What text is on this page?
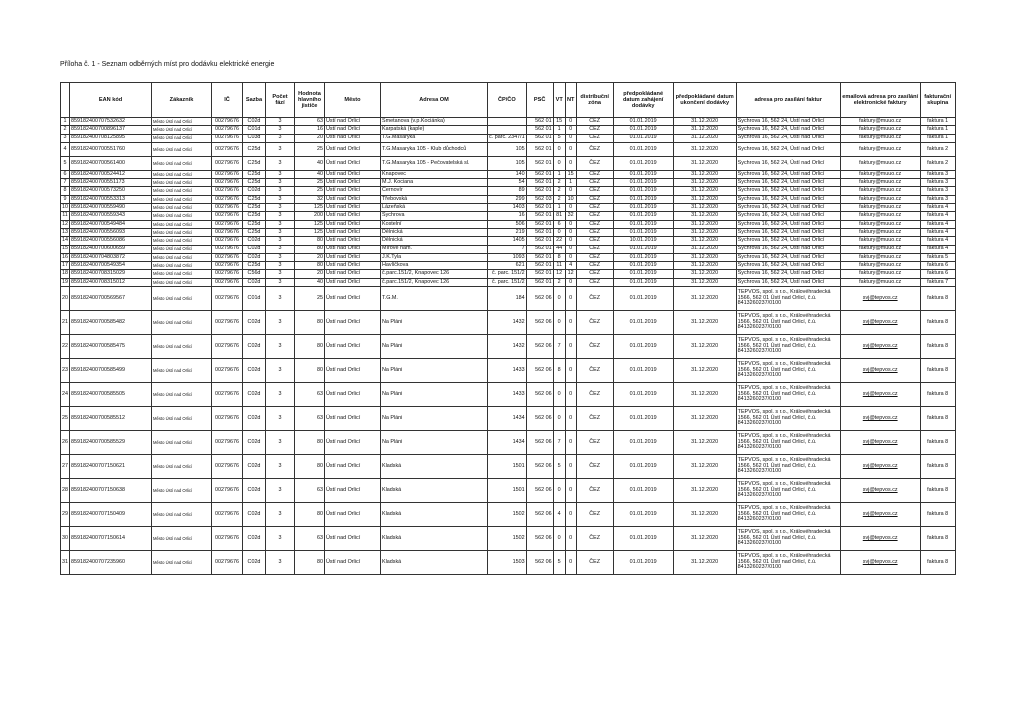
Příloha č. 1 - Seznam odběrných míst pro dodávku elektrické energie
	EAN kód	Zákazník	IČ	Sazba	Počet fází	Hodnota hlavního jističe	Město	Adresa OM	ČP/ČO	PSČ	VT	NT	distribuční zóna	předpokládané datum zahájení dodávky	předpokládané datum ukončení dodávky	adresa pro zasílání faktur	emailová adresa pro zasílání elektronické faktury	fakturační skupina
1	859182400707532632	Město Ústí nad Orlicí	00279676	C02d	3	63	Ústí nad Orlicí	Smetanova (v.p.Kociánka)		562 01	15	0	ČEZ	01.01.2019	31.12.2020	Sychrova 16, 562 24, Ústí nad Orlicí	faktury@muuo.cz	faktura 1
2	859182400700896137	Město Ústí nad Orlicí	00279676	C01d	3	16	Ústí nad Orlicí	Karpatská (kaple)		562 01	1	0	ČEZ	01.01.2019	31.12.2020	Sychrova 16, 562 24, Ústí nad Orlicí	faktury@muuo.cz	faktura 1
3	859182400708125895	Město Ústí nad Orlicí	00279676	C03d	3	20	Ústí nad Orlicí	T.G.Masaryka	č. parc. 2347/1	562 01	5	0	ČEZ	01.01.2019	31.12.2020	Sychrova 16, 562 24, Ústí nad Orlicí	faktury@muuo.cz	faktura 1
4	859182400700551760	Město Ústí nad Orlicí	00279676	C25d	3	25	Ústí nad Orlicí	T.G.Masaryka 105 - Klub důchodců	105	562 01	0	0	ČEZ	01.01.2019	31.12.2020	Sychrova 16, 562 24, Ústí nad Orlicí	faktury@muuo.cz	faktura 2
5	859182400700561400	Město Ústí nad Orlicí	00279676	C25d	3	40	Ústí nad Orlicí	T.G.Masaryka 105 - Pečovatelská sl.	105	562 01	0	0	ČEZ	01.01.2019	31.12.2020	Sychrova 16, 562 24, Ústí nad Orlicí	faktury@muuo.cz	faktura 2
6	859182400700524412	Město Ústí nad Orlicí	00279676	C25d	3	40	Ústí nad Orlicí	Knapovec	140	562 01	1	15	ČEZ	01.01.2019	31.12.2020	Sychrova 16, 562 24, Ústí nad Orlicí	faktury@muuo.cz	faktura 3
7	859182400700551173	Město Ústí nad Orlicí	00279676	C25d	3	25	Ústí nad Orlicí	M.J. Kociana	54	562 01	2	1	ČEZ	01.01.2019	31.12.2020	Sychrova 16, 562 24, Ústí nad Orlicí	faktury@muuo.cz	faktura 3
8	859182400700573250	Město Ústí nad Orlicí	00279676	C02d	3	25	Ústí nad Orlicí	Černovír	89	562 01	2	0	ČEZ	01.01.2019	31.12.2020	Sychrova 16, 562 24, Ústí nad Orlicí	faktury@muuo.cz	faktura 3
9	859182400700553313	Město Ústí nad Orlicí	00279676	C25d	3	32	Ústí nad Orlicí	Třebovská	299	562 03	2	10	ČEZ	01.01.2019	31.12.2020	Sychrova 16, 562 24, Ústí nad Orlicí	faktury@muuo.cz	faktura 3
10	859182400700559490	Město Ústí nad Orlicí	00279676	C25d	3	125	Ústí nad Orlicí	Lázeňská	1403	562 01	1	0	ČEZ	01.01.2019	31.12.2020	Sychrova 16, 562 24, Ústí nad Orlicí	faktury@muuo.cz	faktura 4
11	859182400700559343	Město Ústí nad Orlicí	00279676	C25d	3	200	Ústí nad Orlicí	Sychrova	16	562 01	81	32	ČEZ	01.01.2019	31.12.2020	Sychrova 16, 562 24, Ústí nad Orlicí	faktury@muuo.cz	faktura 4
12	859182400700549484	Město Ústí nad Orlicí	00279676	C25d	3	125	Ústí nad Orlicí	Kostelní	506	562 01	6	0	ČEZ	01.01.2019	31.12.2020	Sychrova 16, 562 24, Ústí nad Orlicí	faktury@muuo.cz	faktura 4
13	859182400700556093	Město Ústí nad Orlicí	00279676	C25d	3	125	Ústí nad Orlicí	Dělnická	219	562 01	0	0	ČEZ	01.01.2019	31.12.2020	Sychrova 16, 562 24, Ústí nad Orlicí	faktury@muuo.cz	faktura 4
14	859182400700556086	Město Ústí nad Orlicí	00279676	C02d	3	80	Ústí nad Orlicí	Dělnická	1405	562 01	22	0	ČEZ	10.01.2019	31.12.2020	Sychrova 16, 562 24, Ústí nad Orlicí	faktury@muuo.cz	faktura 4
15	859182400700600659	Město Ústí nad Orlicí	00279676	C02d	3	80	Ústí nad Orlicí	Mírové nám.	7	562 01	44	0	ČEZ	01.01.2019	31.12.2020	Sychrova 16, 562 24, Ústí nad Orlicí	faktury@muuo.cz	faktura 4
16	859182400704803872	Město Ústí nad Orlicí	00279676	C02d	3	20	Ústí nad Orlicí	J.K.Tyla	1093	562 01	8	0	ČEZ	01.01.2019	31.12.2020	Sychrova 16, 562 24, Ústí nad Orlicí	faktury@muuo.cz	faktura 5
17	859182400700549354	Město Ústí nad Orlicí	00279676	C25d	3	80	Ústí nad Orlicí	Havlíčkova	621	562 01	11	4	ČEZ	01.01.2019	31.12.2020	Sychrova 16, 562 24, Ústí nad Orlicí	faktury@muuo.cz	faktura 6
18	859182400708315029	Město Ústí nad Orlicí	00279676	C56d	3	20	Ústí nad Orlicí	č.parc.151/2, Knapovec 126	č. parc. 151/2	562 01	12	12	ČEZ	01.01.2019	31.12.2020	Sychrova 16, 562 24, Ústí nad Orlicí	faktury@muuo.cz	faktura 6
19	859182400708315012	Město Ústí nad Orlicí	00279676	C02d	3	40	Ústí nad Orlicí	č.parc.151/2, Knapovec 126	č. parc. 151/2	562 01	2	0	ČEZ	01.01.2019	31.12.2020	Sychrova 16, 562 24, Ústí nad Orlicí	faktury@muuo.cz	faktura 7
20	859182400700569567	Město Ústí nad Orlicí	00279676	C01d	3	25	Ústí nad Orlicí	T.G.M.	184	562 06	0	0	ČEZ	01.01.2019	31.12.2020	TEPVOS, spol. s r.o., Královéhradecká 1566, 562 01 Ústí nad Orlicí, č.ú. 8413260237/0100	svj@tepvos.cz	faktura 8
21	859182400700585482	Město Ústí nad Orlicí	00279676	C02d	3	80	Ústí nad Orlicí	Na Pláni	1432	562 06	0	0	ČEZ	01.01.2019	31.12.2020	TEPVOS, spol. s r.o., Královéhradecká 1566, 562 01 Ústí nad Orlicí, č.ú. 8413260237/0100	svj@tepvos.cz	faktura 8
22	859182400700585475	Město Ústí nad Orlicí	00279676	C02d	3	80	Ústí nad Orlicí	Na Pláni	1432	562 06	7	0	ČEZ	01.01.2019	31.12.2020	TEPVOS, spol. s r.o., Královéhradecká 1566, 562 01 Ústí nad Orlicí, č.ú. 8413260237/0100	svj@tepvos.cz	faktura 8
23	859182400700585499	Město Ústí nad Orlicí	00279676	C02d	3	80	Ústí nad Orlicí	Na Pláni	1433	562 06	8	0	ČEZ	01.01.2019	31.12.2020	TEPVOS, spol. s r.o., Královéhradecká 1566, 562 01 Ústí nad Orlicí, č.ú. 8413260237/0100	svj@tepvos.cz	faktura 8
24	859182400700585505	Město Ústí nad Orlicí	00279676	C02d	3	63	Ústí nad Orlicí	Na Pláni	1433	562 06	0	0	ČEZ	01.01.2019	31.12.2020	TEPVOS, spol. s r.o., Královéhradecká 1566, 562 01 Ústí nad Orlicí, č.ú. 8413260237/0100	svj@tepvos.cz	faktura 8
25	859182400700585512	Město Ústí nad Orlicí	00279676	C02d	3	63	Ústí nad Orlicí	Na Pláni	1434	562 06	0	0	ČEZ	01.01.2019	31.12.2020	TEPVOS, spol. s r.o., Královéhradecká 1566, 562 01 Ústí nad Orlicí, č.ú. 8413260237/0100	svj@tepvos.cz	faktura 8
26	859182400700585529	Město Ústí nad Orlicí	00279676	C02d	3	80	Ústí nad Orlicí	Na Pláni	1434	562 06	7	0	ČEZ	01.01.2019	31.12.2020	TEPVOS, spol. s r.o., Královéhradecká 1566, 562 01 Ústí nad Orlicí, č.ú. 8413260237/0100	svj@tepvos.cz	faktura 8
27	859182400707150621	Město Ústí nad Orlicí	00279676	C02d	3	80	Ústí nad Orlicí	Kladská	1501	562 06	5	0	ČEZ	01.01.2019	31.12.2020	TEPVOS, spol. s r.o., Královéhradecká 1566, 562 01 Ústí nad Orlicí, č.ú. 8413260237/0100	svj@tepvos.cz	faktura 8
28	859182400707150638	Město Ústí nad Orlicí	00279676	C02d	3	63	Ústí nad Orlicí	Kladská	1501	562 06	0	0	ČEZ	01.01.2019	31.12.2020	TEPVOS, spol. s r.o., Královéhradecká 1566, 562 01 Ústí nad Orlicí, č.ú. 8413260237/0100	svj@tepvos.cz	faktura 8
29	859182400707150409	Město Ústí nad Orlicí	00279676	C02d	3	80	Ústí nad Orlicí	Kladská	1502	562 06	4	0	ČEZ	01.01.2019	31.12.2020	TEPVOS, spol. s r.o., Královéhradecká 1566, 562 01 Ústí nad Orlicí, č.ú. 8413260237/0100	svj@tepvos.cz	faktura 8
30	859182400707150614	Město Ústí nad Orlicí	00279676	C02d	3	63	Ústí nad Orlicí	Kladská	1502	562 06	0	0	ČEZ	01.01.2019	31.12.2020	TEPVOS, spol. s r.o., Královéhradecká 1566, 562 01 Ústí nad Orlicí, č.ú. 8413260237/0100	svj@tepvos.cz	faktura 8
31	859182400707235960	Město Ústí nad Orlicí	00279676	C02d	3	80	Ústí nad Orlicí	Kladská	1503	562 06	5	0	ČEZ	01.01.2019	31.12.2020	TEPVOS, spol. s r.o., Královéhradecká 1566, 562 01 Ústí nad Orlicí, č.ú. 8413260237/0100	svj@tepvos.cz	faktura 8
